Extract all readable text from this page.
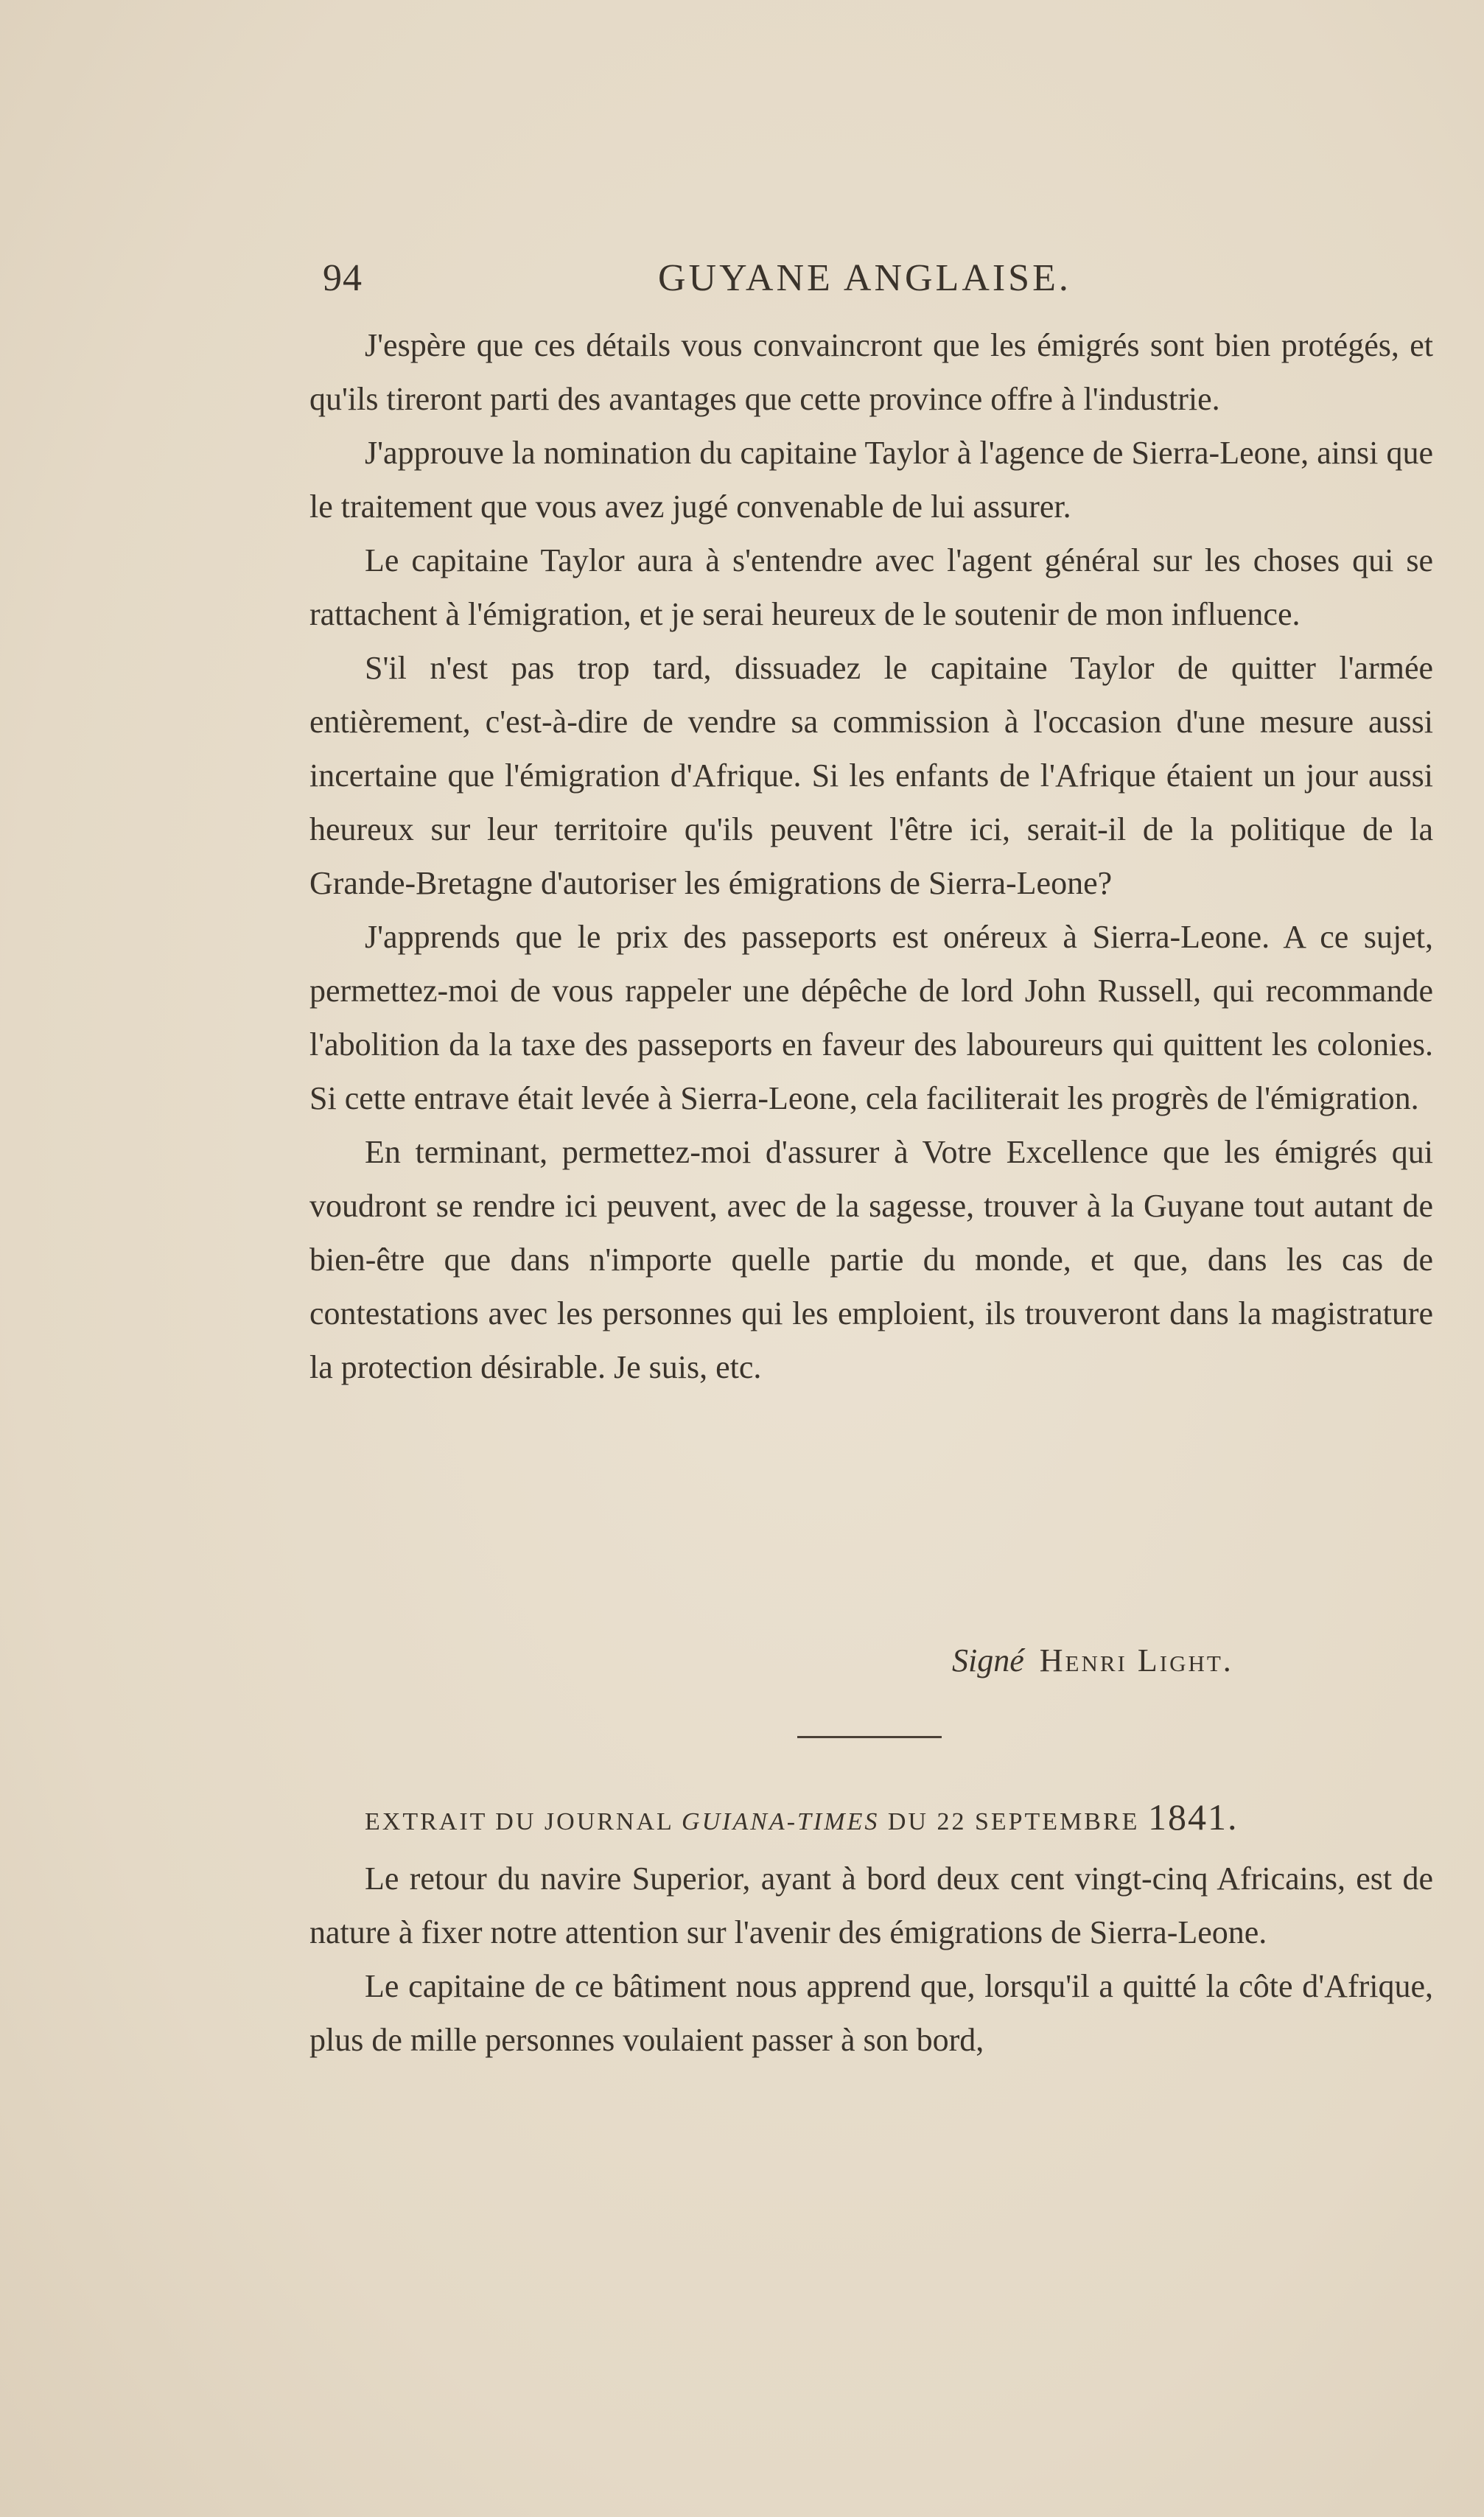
94	GUYANE ANGLAISE.

J'espère que ces détails vous convaincront que les émigrés sont bien protégés, et qu'ils tireront parti des avantages que cette province offre à l'industrie.

J'approuve la nomination du capitaine Taylor à l'agence de Sierra-Leone, ainsi que le traitement que vous avez jugé convenable de lui assurer.

Le capitaine Taylor aura à s'entendre avec l'agent général sur les choses qui se rattachent à l'émigration, et je serai heureux de le soutenir de mon influence.

S'il n'est pas trop tard, dissuadez le capitaine Taylor de quitter l'armée entièrement, c'est-à-dire de vendre sa commission à l'occasion d'une mesure aussi incertaine que l'émigration d'Afrique. Si les enfants de l'Afrique étaient un jour aussi heureux sur leur territoire qu'ils peuvent l'être ici, serait-il de la politique de la Grande-Bretagne d'autoriser les émigrations de Sierra-Leone?

J'apprends que le prix des passeports est onéreux à Sierra-Leone. A ce sujet, permettez-moi de vous rappeler une dépêche de lord John Russell, qui recommande l'abolition da la taxe des passeports en faveur des laboureurs qui quittent les colonies. Si cette entrave était levée à Sierra-Leone, cela faciliterait les progrès de l'émigration.

En terminant, permettez-moi d'assurer à Votre Excellence que les émigrés qui voudront se rendre ici peuvent, avec de la sagesse, trouver à la Guyane tout autant de bien-être que dans n'importe quelle partie du monde, et que, dans les cas de contestations avec les personnes qui les emploient, ils trouveront dans la magistrature la protection désirable. Je suis, etc.

Signé Henri Light.
EXTRAIT DU JOURNAL GUIANA-TIMES DU 22 SEPTEMBRE 1841.

Le retour du navire Superior, ayant à bord deux cent vingt-cinq Africains, est de nature à fixer notre attention sur l'avenir des émigrations de Sierra-Leone.

Le capitaine de ce bâtiment nous apprend que, lorsqu'il a quitté la côte d'Afrique, plus de mille personnes voulaient passer à son bord,
